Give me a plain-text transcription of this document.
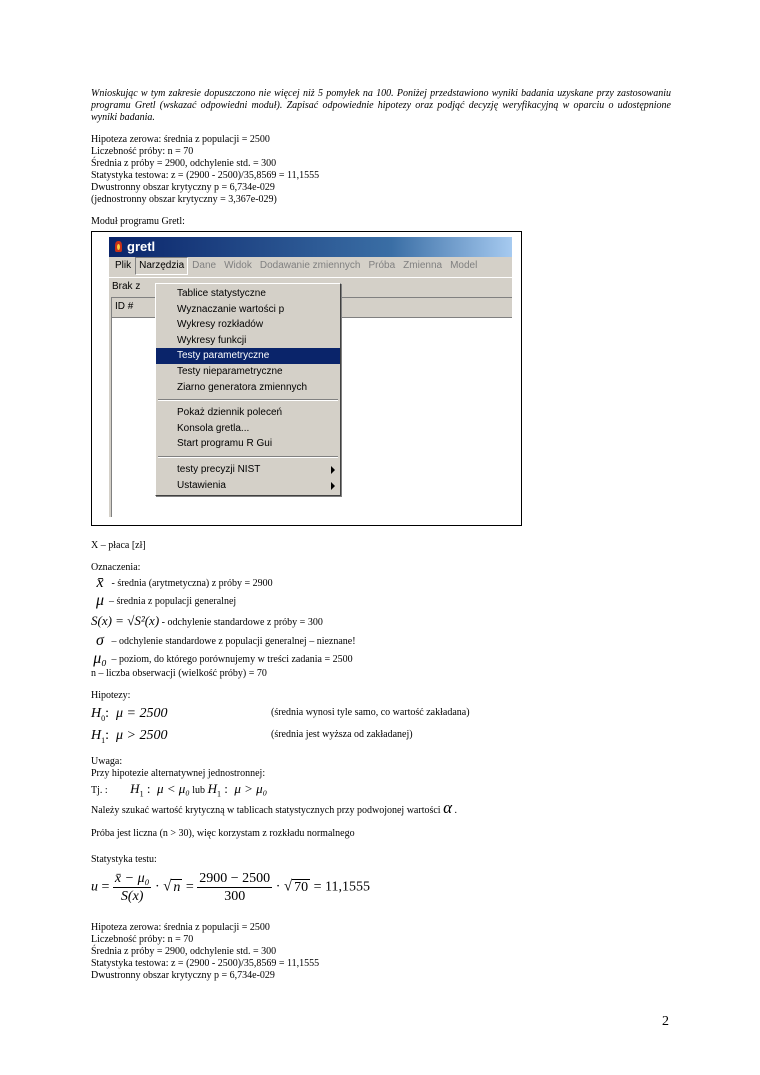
Wnioskując w tym zakresie dopuszczono nie więcej niż 5 pomyłek na 100. Poniżej przedstawiono wyniki badania uzyskane przy zastosowaniu programu Gretl (wskazać odpowiedni moduł). Zapisać odpowiednie hipotezy oraz podjąć decyzję weryfikacyjną w oparciu o udostępnione wyniki badania.

Hipoteza zerowa: średnia z populacji = 2500
Liczebność próby: n = 70
Średnia z próby = 2900, odchylenie std. = 300
Statystyka testowa: z = (2900 - 2500)/35,8569 = 11,1555
Dwustronny obszar krytyczny p = 6,734e-029
(jednostronny obszar krytyczny = 3,367e-029)
Moduł programu Gretl:
gretl
Plik Narzędzia Dane Widok Dodawanie zmiennych Próba Zmienna Model
Brak z
ID #
Tablice statystyczne
Wyznaczanie wartości p
Wykresy rozkładów
Wykresy funkcji
Testy parametryczne
Testy nieparametryczne
Ziarno generatora zmiennych
Pokaż dziennik poleceń
Konsola gretla...
Start programu R Gui
testy precyzji NIST
Ustawienia
X – płaca [zł]
Oznaczenia:
x̄ - średnia (arytmetyczna) z próby = 2900
μ – średnia z populacji generalnej
S(x) = √S²(x) - odchylenie standardowe z próby = 300
σ – odchylenie standardowe z populacji generalnej – nieznane!
μ₀ – poziom, do którego porównujemy w treści zadania = 2500
n – liczba obserwacji (wielkość próby) = 70
Hipotezy:
$H_0$:  μ = 2500	(średnia wynosi tyle samo, co wartość zakładana)
$H_1$:  μ > 2500	(średnia jest wyższa od zakładanej)
Uwaga:
Przy hipotezie alternatywnej jednostronnej:
Tj. : $H_1$ :  μ < μ₀ lub $H_1$ :  μ > μ₀
Należy szukać wartość krytyczną w tablicach statystycznych przy podwojonej wartości α .
Próba jest liczna (n > 30), więc korzystam z rozkładu normalnego
Statystyka testu:
$u = \frac{\text{x̄ − μ₀}}{S(x)}$ · √ $n = \frac{2900 - 2500}{300}$ · √ 70 = 11,1555
Hipoteza zerowa: średnia z populacji = 2500
Liczebność próby: n = 70
Średnia z próby = 2900, odchylenie std. = 300
Statystyka testowa: z = (2900 - 2500)/35,8569 = 11,1555
Dwustronny obszar krytyczny p = 6,734e-029
2
